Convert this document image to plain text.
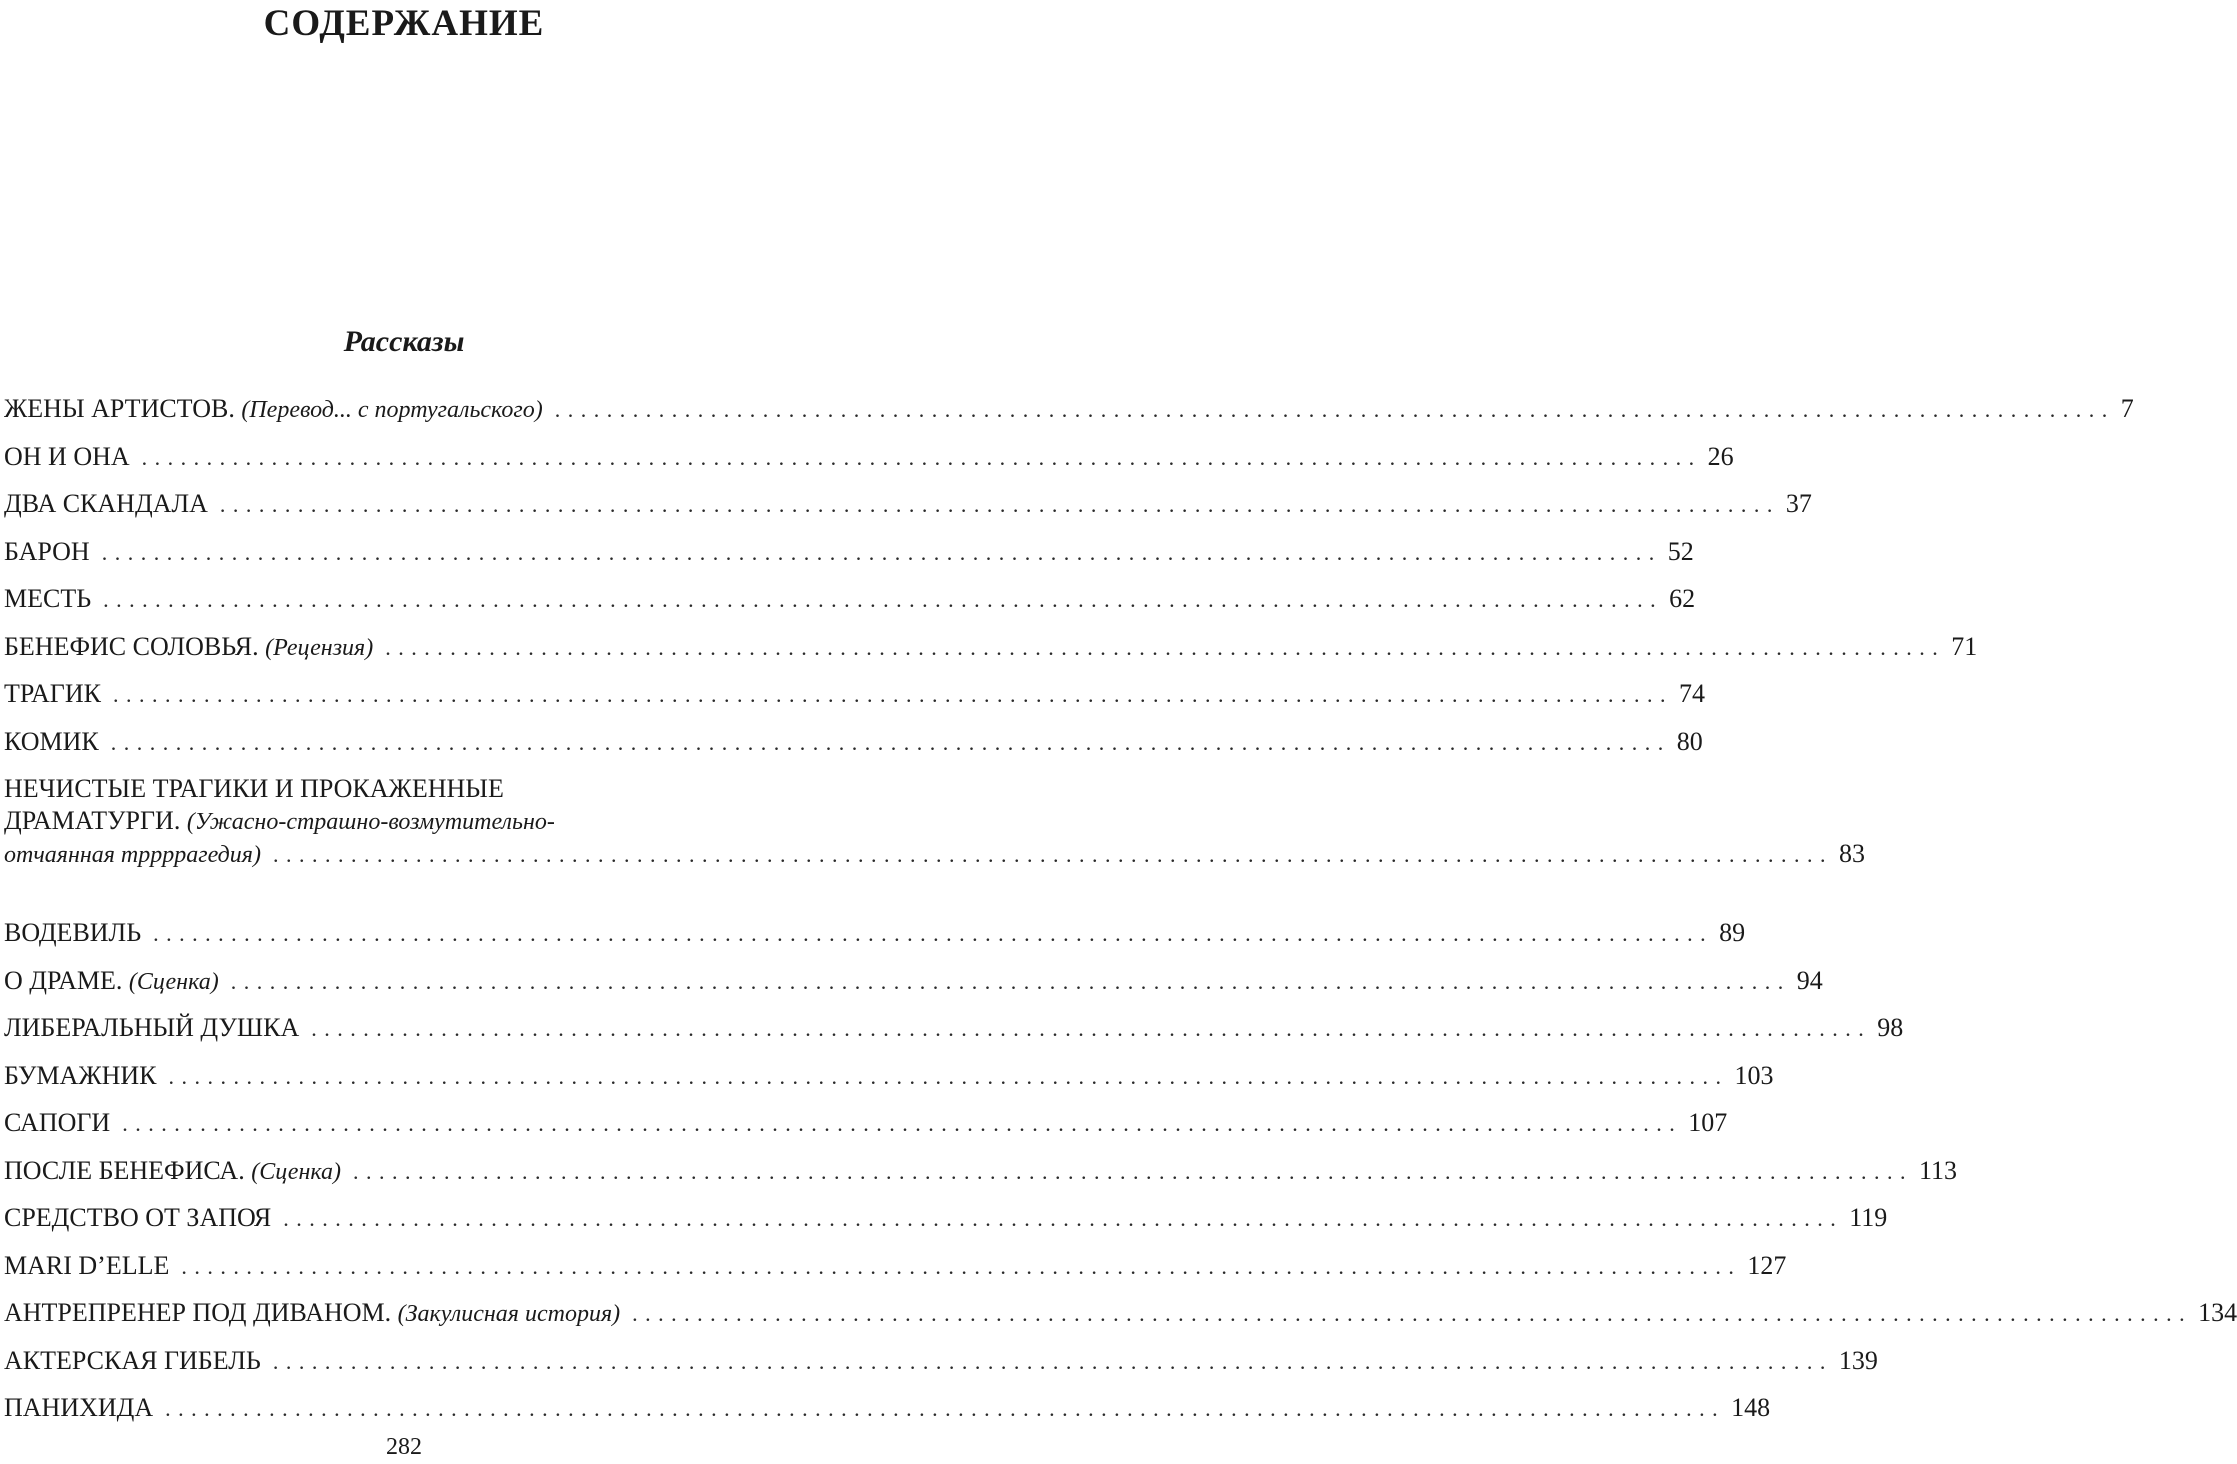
СОДЕРЖАНИЕ
Рассказы
ЖЕНЫ АРТИСТОВ. (Перевод... с португальского) ........................................................................................................................ 7
ОН И ОНА ........................................................................................................................ 26
ДВА СКАНДАЛА ........................................................................................................................ 37
БАРОН ........................................................................................................................ 52
МЕСТЬ ........................................................................................................................ 62
БЕНЕФИС СОЛОВЬЯ. (Рецензия) ........................................................................................................................ 71
ТРАГИК ........................................................................................................................ 74
КОМИК ........................................................................................................................ 80
НЕЧИСТЫЕ ТРАГИКИ И ПРОКАЖЕННЫЕ
ДРАМАТУРГИ. (Ужасно-страшно-возмутительно-
отчаянная тррррагедия) ........................................................................................................................ 83
ВОДЕВИЛЬ ........................................................................................................................ 89
О ДРАМЕ. (Сценка) ........................................................................................................................ 94
ЛИБЕРАЛЬНЫЙ ДУШКА ........................................................................................................................ 98
БУМАЖНИК ........................................................................................................................ 103
САПОГИ ........................................................................................................................ 107
ПОСЛЕ БЕНЕФИСА. (Сценка) ........................................................................................................................ 113
СРЕДСТВО ОТ ЗАПОЯ ........................................................................................................................ 119
MARI D’ELLE ........................................................................................................................ 127
АНТРЕПРЕНЕР ПОД ДИВАНОМ. (Закулисная история) ........................................................................................................................ 134
АКТЕРСКАЯ ГИБЕЛЬ ........................................................................................................................ 139
ПАНИХИДА ........................................................................................................................ 148
282
